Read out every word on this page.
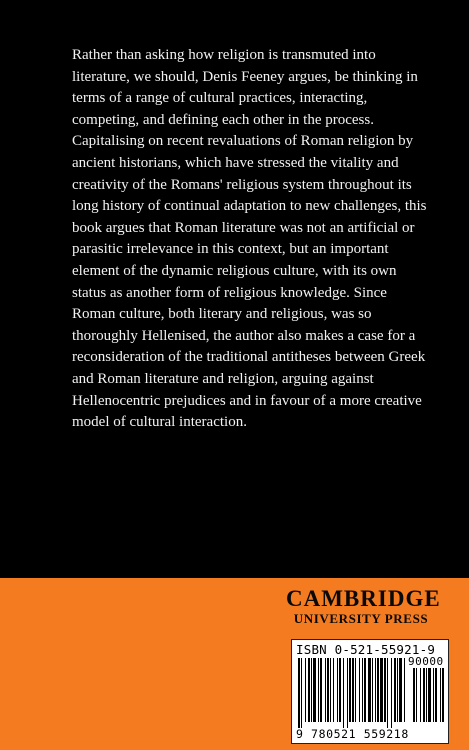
Rather than asking how religion is transmuted into literature, we should, Denis Feeney argues, be thinking in terms of a range of cultural practices, interacting, competing, and defining each other in the process. Capitalising on recent revaluations of Roman religion by ancient historians, which have stressed the vitality and creativity of the Romans' religious system throughout its long history of continual adaptation to new challenges, this book argues that Roman literature was not an artificial or parasitic irrelevance in this context, but an important element of the dynamic religious culture, with its own status as another form of religious knowledge. Since Roman culture, both literary and religious, was so thoroughly Hellenised, the author also makes a case for a reconsideration of the traditional antitheses between Greek and Roman literature and religion, arguing against Hellenocentric prejudices and in favour of a more creative model of cultural interaction.

CAMBRIDGE
UNIVERSITY PRESS
ISBN 0-521-55921-9
90000
9 780521 559218
